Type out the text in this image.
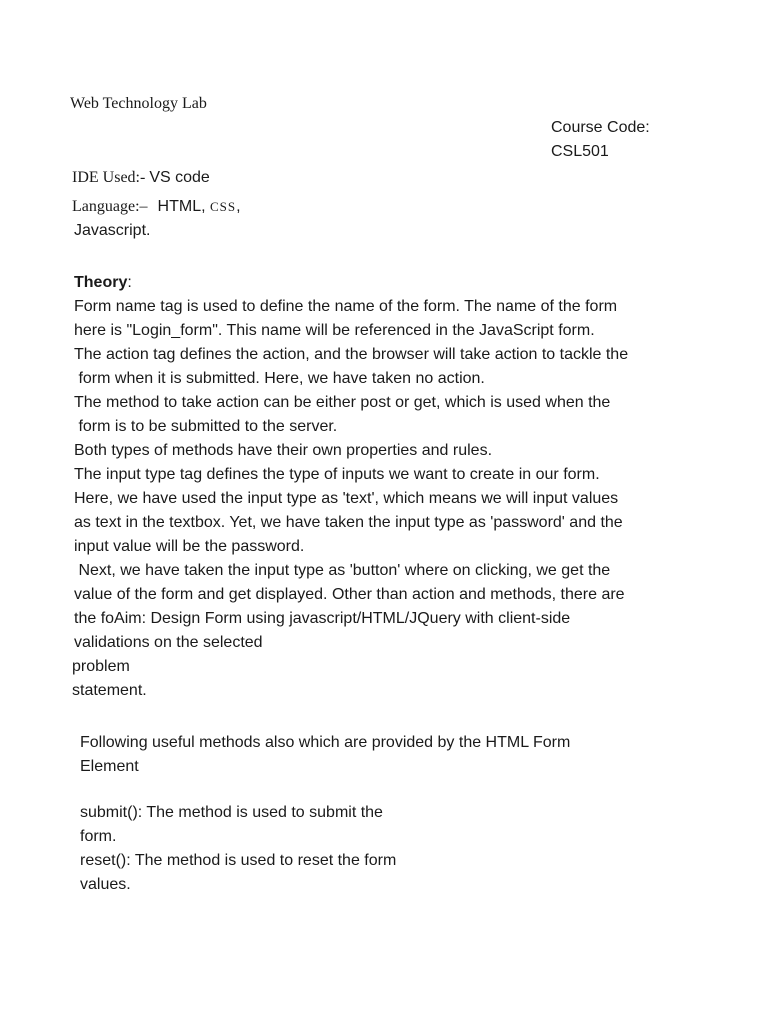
Web Technology Lab
Course Code:
CSL501
IDE Used:- VS code
Language:– HTML, CSS,
Javascript.
Theory:
Form name tag is used to define the name of the form. The name of the form
here is "Login_form". This name will be referenced in the JavaScript form.
The action tag defines the action, and the browser will take action to tackle the
form when it is submitted. Here, we have taken no action.
The method to take action can be either post or get, which is used when the
form is to be submitted to the server.
Both types of methods have their own properties and rules.
The input type tag defines the type of inputs we want to create in our form.
Here, we have used the input type as 'text', which means we will input values
as text in the textbox. Yet, we have taken the input type as 'password' and the
input value will be the password.
Next, we have taken the input type as 'button' where on clicking, we get the
value of the form and get displayed. Other than action and methods, there are
the foAim: Design Form using javascript/HTML/JQuery with client-side
validations on the selected
problem
statement.
Following useful methods also which are provided by the HTML Form
Element
submit(): The method is used to submit the
form.
reset(): The method is used to reset the form
values.
